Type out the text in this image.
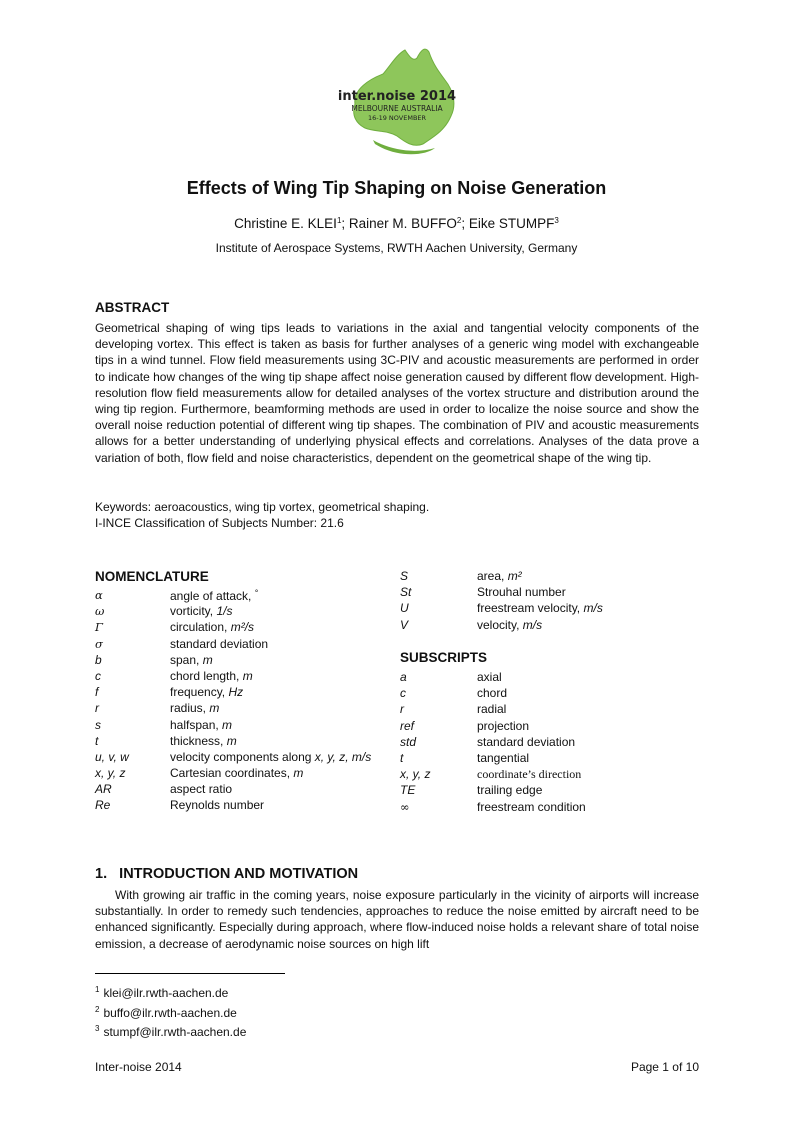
inter.noise 2014
MELBOURNE AUSTRALIA
16-19 NOVEMBER
Effects of Wing Tip Shaping on Noise Generation
Christine E. KLEI$^1$; Rainer M. BUFFO$^2$; Eike STUMPF$^3$
Institute of Aerospace Systems, RWTH Aachen University, Germany
ABSTRACT
Geometrical shaping of wing tips leads to variations in the axial and tangential velocity components of the developing vortex. This effect is taken as basis for further analyses of a generic wing model with exchangeable tips in a wind tunnel. Flow field measurements using 3C-PIV and acoustic measurements are performed in order to indicate how changes of the wing tip shape affect noise generation caused by different flow development. High-resolution flow field measurements allow for detailed analyses of the vortex structure and distribution around the wing tip region. Furthermore, beamforming methods are used in order to localize the noise source and show the overall noise reduction potential of different wing tip shapes. The combination of PIV and acoustic measurements allows for a better understanding of underlying physical effects and correlations. Analyses of the data prove a variation of both, flow field and noise characteristics, dependent on the geometrical shape of the wing tip.
Keywords: aeroacoustics, wing tip vortex, geometrical shaping.
I-INCE Classification of Subjects Number: 21.6
NOMENCLATURE
α	angle of attack, °
ω	vorticity, 1/s
Γ	circulation, m²/s
σ	standard deviation
b	span, m
c	chord length, m
f	frequency, Hz
r	radius, m
s	halfspan, m
t	thickness, m
u, v, w	velocity components along x, y, z, m/s
x, y, z	Cartesian coordinates, m
AR	aspect ratio
Re	Reynolds number
S	area, m²
St	Strouhal number
U	freestream velocity, m/s
V	velocity, m/s
SUBSCRIPTS
a	axial
c	chord
r	radial
ref	projection
std	standard deviation
t	tangential
x, y, z	coordinate’s direction
TE	trailing edge
∞	freestream condition
1.   INTRODUCTION AND MOTIVATION
With growing air traffic in the coming years, noise exposure particularly in the vicinity of airports will increase substantially. In order to remedy such tendencies, approaches to reduce the noise emitted by aircraft need to be enhanced significantly. Especially during approach, where flow-induced noise holds a relevant share of total noise emission, a decrease of aerodynamic noise sources on high lift
$^1$ klei@ilr.rwth-aachen.de
$^2$ buffo@ilr.rwth-aachen.de
$^3$ stumpf@ilr.rwth-aachen.de
Inter-noise 2014	Page 1 of 10
